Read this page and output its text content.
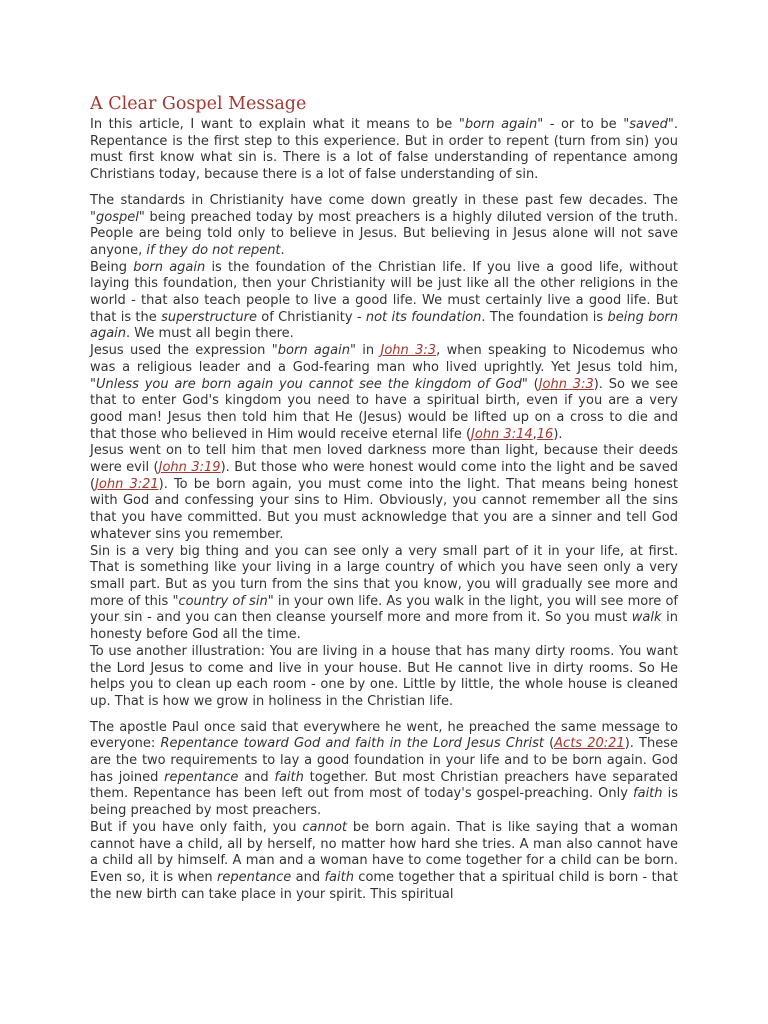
A Clear Gospel Message

In this article, I want to explain what it means to be "born again" - or to be "saved". Repentance is the first step to this experience. But in order to repent (turn from sin) you must first know what sin is. There is a lot of false understanding of repentance among Christians today, because there is a lot of false understanding of sin.

The standards in Christianity have come down greatly in these past few decades. The "gospel" being preached today by most preachers is a highly diluted version of the truth. People are being told only to believe in Jesus. But believing in Jesus alone will not save anyone, if they do not repent.

Being born again is the foundation of the Christian life. If you live a good life, without laying this foundation, then your Christianity will be just like all the other religions in the world - that also teach people to live a good life. We must certainly live a good life. But that is the superstructure of Christianity - not its foundation. The foundation is being born again. We must all begin there.

Jesus used the expression "born again" in John 3:3, when speaking to Nicodemus who was a religious leader and a God-fearing man who lived uprightly. Yet Jesus told him, "Unless you are born again you cannot see the kingdom of God" (John 3:3). So we see that to enter God's kingdom you need to have a spiritual birth, even if you are a very good man! Jesus then told him that He (Jesus) would be lifted up on a cross to die and that those who believed in Him would receive eternal life (John 3:14,16).

Jesus went on to tell him that men loved darkness more than light, because their deeds were evil (John 3:19). But those who were honest would come into the light and be saved (John 3:21). To be born again, you must come into the light. That means being honest with God and confessing your sins to Him. Obviously, you cannot remember all the sins that you have committed. But you must acknowledge that you are a sinner and tell God whatever sins you remember.

Sin is a very big thing and you can see only a very small part of it in your life, at first. That is something like your living in a large country of which you have seen only a very small part. But as you turn from the sins that you know, you will gradually see more and more of this "country of sin" in your own life. As you walk in the light, you will see more of your sin - and you can then cleanse yourself more and more from it. So you must walk in honesty before God all the time.

To use another illustration: You are living in a house that has many dirty rooms. You want the Lord Jesus to come and live in your house. But He cannot live in dirty rooms. So He helps you to clean up each room - one by one. Little by little, the whole house is cleaned up. That is how we grow in holiness in the Christian life.

The apostle Paul once said that everywhere he went, he preached the same message to everyone: Repentance toward God and faith in the Lord Jesus Christ (Acts 20:21). These are the two requirements to lay a good foundation in your life and to be born again. God has joined repentance and faith together. But most Christian preachers have separated them. Repentance has been left out from most of today's gospel-preaching. Only faith is being preached by most preachers.

But if you have only faith, you cannot be born again. That is like saying that a woman cannot have a child, all by herself, no matter how hard she tries. A man also cannot have a child all by himself. A man and a woman have to come together for a child can be born. Even so, it is when repentance and faith come together that a spiritual child is born - that the new birth can take place in your spirit. This spiritual
